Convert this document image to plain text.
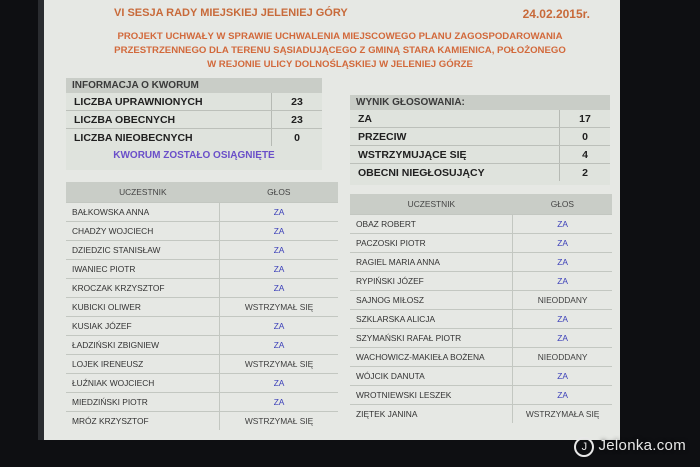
VI SESJA RADY MIEJSKIEJ JELENIEJ GÓRY	24.02.2015r.
PROJEKT UCHWAŁY W SPRAWIE UCHWALENIA MIEJSCOWEGO PLANU ZAGOSPODAROWANIA
PRZESTRZENNEGO DLA TERENU SĄSIADUJĄCEGO Z GMINĄ STARA KAMIENICA, POŁOŻONEGO
W REJONIE ULICY DOLNOŚLĄSKIEJ W JELENIEJ GÓRZE
INFORMACJA O KWORUM
LICZBA UPRAWNIONYCH	23
LICZBA OBECNYCH	23
LICZBA NIEOBECNYCH	0
KWORUM ZOSTAŁO OSIĄGNIĘTE
WYNIK GŁOSOWANIA:
ZA	17
PRZECIW	0
WSTRZYMUJĄCE SIĘ	4
OBECNI NIEGŁOSUJĄCY	2
UCZESTNIK	GŁOS
BAŁKOWSKA ANNA	ZA
CHADŻY WOJCIECH	ZA
DZIEDZIC STANISŁAW	ZA
IWANIEC PIOTR	ZA
KROCZAK KRZYSZTOF	ZA
KUBICKI OLIWER	WSTRZYMAŁ SIĘ
KUSIAK JÓZEF	ZA
ŁADZIŃSKI ZBIGNIEW	ZA
LOJEK IRENEUSZ	WSTRZYMAŁ SIĘ
ŁUŹNIAK WOJCIECH	ZA
MIEDZIŃSKI PIOTR	ZA
MRÓZ KRZYSZTOF	WSTRZYMAŁ SIĘ
UCZESTNIK	GŁOS
OBAZ ROBERT	ZA
PACZOSKI PIOTR	ZA
RAGIEL MARIA ANNA	ZA
RYPIŃSKI JÓZEF	ZA
SAJNOG MIŁOSZ	NIEODDANY
SZKLARSKA ALICJA	ZA
SZYMAŃSKI RAFAŁ PIOTR	ZA
WACHOWICZ-MAKIEŁA BOŻENA	NIEODDANY
WÓJCIK DANUTA	ZA
WROTNIEWSKI LESZEK	ZA
ZIĘTEK JANINA	WSTRZYMAŁA SIĘ
J Jelonka.com
